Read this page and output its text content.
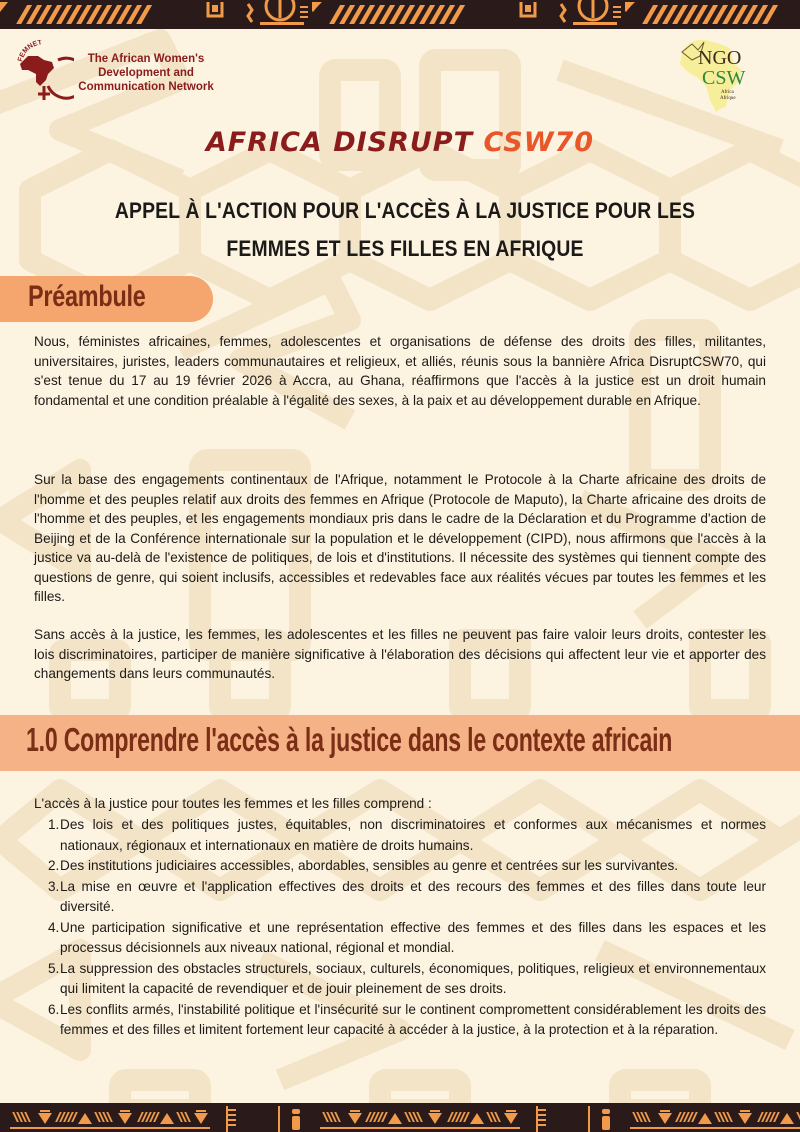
FEMNET
The African Women's
Development and
Communication Network
NGO
CSW
Africa
Afrique
AFRICA DISRUPT CSW70
APPEL À L'ACTION POUR L'ACCÈS À LA JUSTICE POUR LES FEMMES ET LES FILLES EN AFRIQUE
Préambule

Nous, féministes africaines, femmes, adolescentes et organisations de défense des droits des filles, militantes, universitaires, juristes, leaders communautaires et religieux, et alliés, réunis sous la bannière Africa DisruptCSW70, qui s'est tenue du 17 au 19 février 2026 à Accra, au Ghana, réaffirmons que l'accès à la justice est un droit humain fondamental et une condition préalable à l'égalité des sexes, à la paix et au développement durable en Afrique.

Sur la base des engagements continentaux de l'Afrique, notamment le Protocole à la Charte africaine des droits de l'homme et des peuples relatif aux droits des femmes en Afrique (Protocole de Maputo), la Charte africaine des droits de l'homme et des peuples, et les engagements mondiaux pris dans le cadre de la Déclaration et du Programme d'action de Beijing et de la Conférence internationale sur la population et le développement (CIPD), nous affirmons que l'accès à la justice va au-delà de l'existence de politiques, de lois et d'institutions. Il nécessite des systèmes qui tiennent compte des questions de genre, qui soient inclusifs, accessibles et redevables face aux réalités vécues par toutes les femmes et les filles.

Sans accès à la justice, les femmes, les adolescentes et les filles ne peuvent pas faire valoir leurs droits, contester les lois discriminatoires, participer de manière significative à l'élaboration des décisions qui affectent leur vie et apporter des changements dans leurs communautés.

1.0 Comprendre l'accès à la justice dans le contexte africain

L'accès à la justice pour toutes les femmes et les filles comprend :

1. Des lois et des politiques justes, équitables, non discriminatoires et conformes aux mécanismes et normes nationaux, régionaux et internationaux en matière de droits humains.
2. Des institutions judiciaires accessibles, abordables, sensibles au genre et centrées sur les survivantes.
3. La mise en œuvre et l'application effectives des droits et des recours des femmes et des filles dans toute leur diversité.
4. Une participation significative et une représentation effective des femmes et des filles dans les espaces et les processus décisionnels aux niveaux national, régional et mondial.
5. La suppression des obstacles structurels, sociaux, culturels, économiques, politiques, religieux et environnementaux qui limitent la capacité de revendiquer et de jouir pleinement de ses droits.
6. Les conflits armés, l'instabilité politique et l'insécurité sur le continent compromettent considérablement les droits des femmes et des filles et limitent fortement leur capacité à accéder à la justice, à la protection et à la réparation.
